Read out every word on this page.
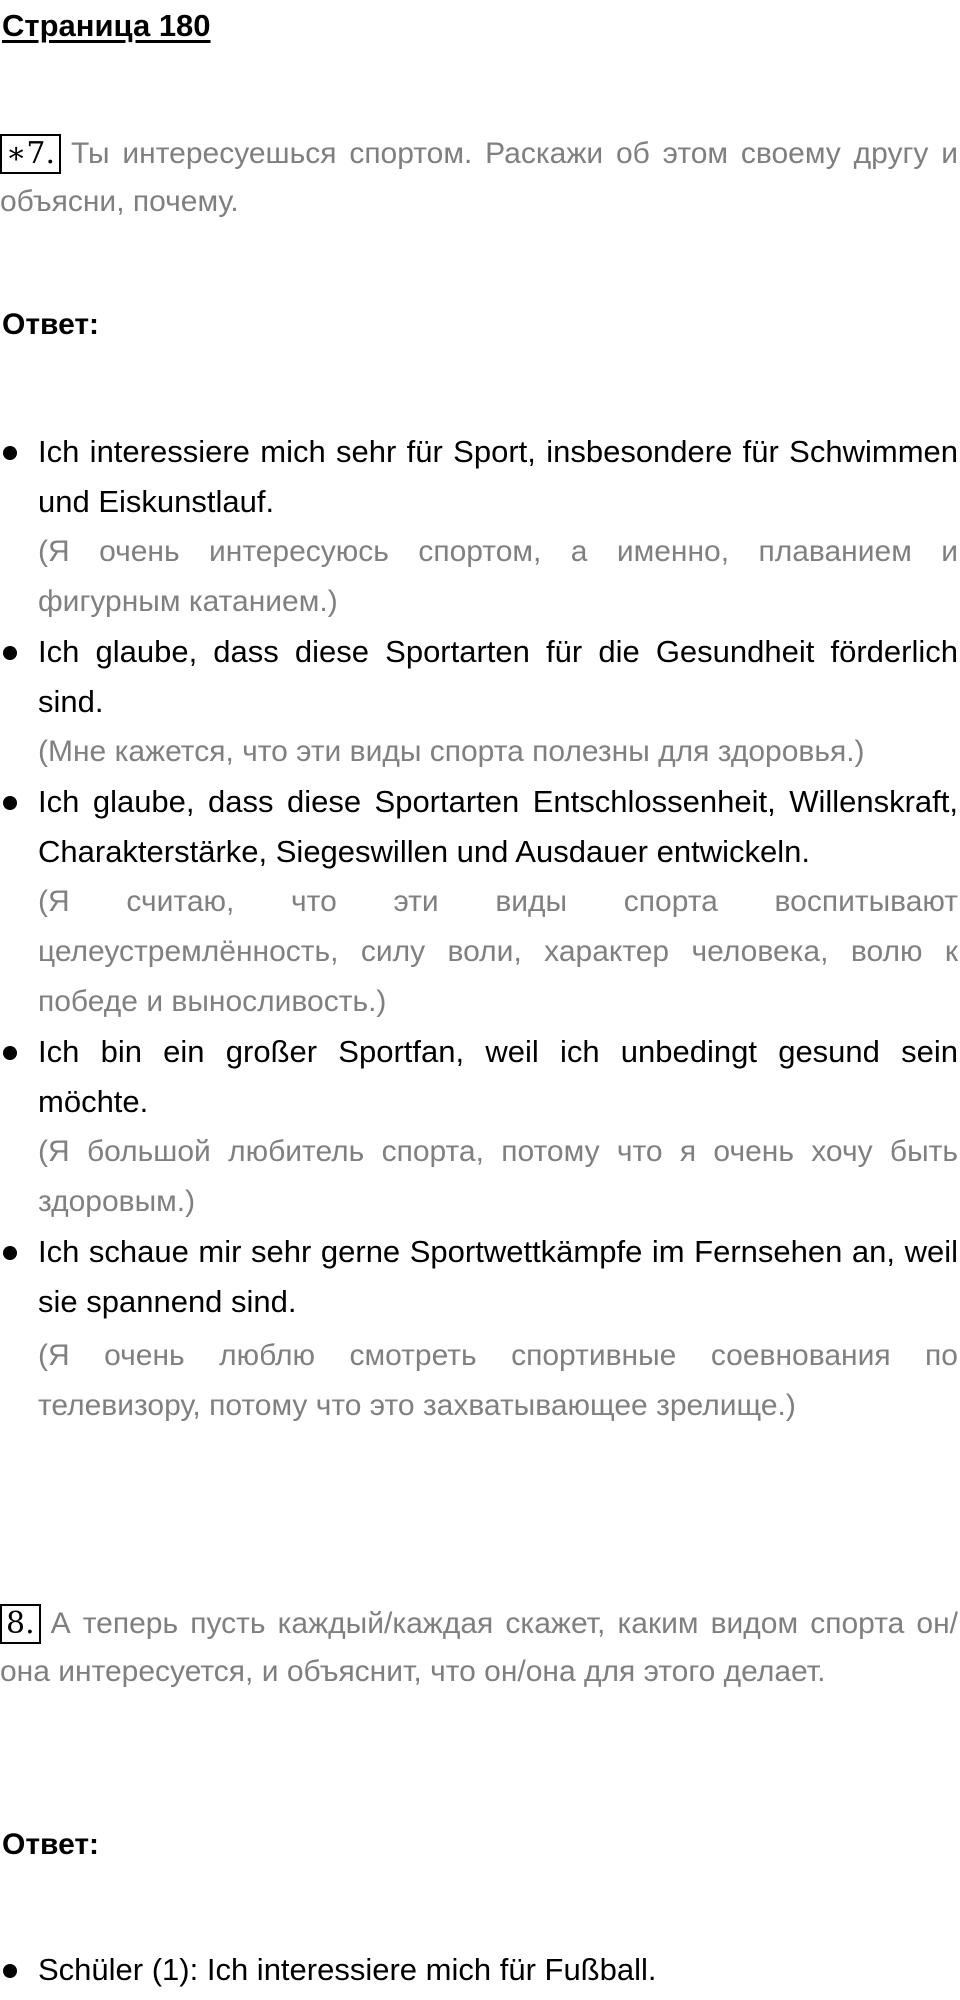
Страница 180
∗7. Ты интересуешься спортом. Раскажи об этом своему другу и объясни, почему.
Ответ:
Ich interessiere mich sehr für Sport, insbesondere für Schwimmen und Eiskunstlauf.
(Я очень интересуюсь спортом, а именно, плаванием и фигурным катанием.)
Ich glaube, dass diese Sportarten für die Gesundheit förderlich sind.
(Мне кажется, что эти виды спорта полезны для здоровья.)
Ich glaube, dass diese Sportarten Entschlossenheit, Willenskraft, Charakterstärke, Siegeswillen und Ausdauer entwickeln.
(Я считаю, что эти виды спорта воспитывают целеустремлённость, силу воли, характер человека, волю к победе и выносливость.)
Ich bin ein großer Sportfan, weil ich unbedingt gesund sein möchte.
(Я большой любитель спорта, потому что я очень хочу быть здоровым.)
Ich schaue mir sehr gerne Sportwettkämpfe im Fernsehen an, weil sie spannend sind.
(Я очень люблю смотреть спортивные соевнования по телевизору, потому что это захватывающее зрелище.)
8. А теперь пусть каждый/каждая скажет, каким видом спорта он/она интересуется, и объяснит, что он/она для этого делает.
Ответ:
Schüler (1): Ich interessiere mich für Fußball.
